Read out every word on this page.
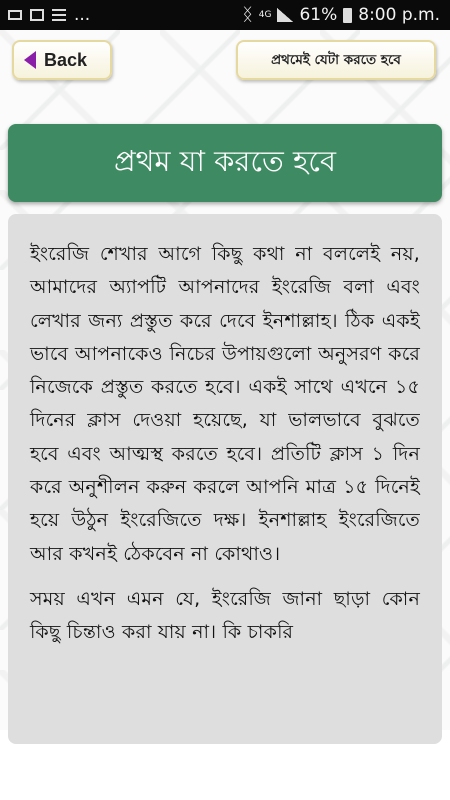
...	ᛝ 4G 61% 8:00 p.m.
Back	প্রথমেই যেটা করতে হবে
প্রথম যা করতে হবে

ইংরেজি শেখার আগে কিছু কথা না বললেই নয়, আমাদের অ্যাপটি আপনাদের ইংরেজি বলা এবং লেখার জন্য প্রস্তুত করে দেবে ইনশাল্লাহ। ঠিক একই ভাবে আপনাকেও নিচের উপায়গুলো অনুসরণ করে নিজেকে প্রস্তুত করতে হবে। একই সাথে এখনে ১৫ দিনের ক্লাস দেওয়া হয়েছে, যা ভালভাবে বুঝতে হবে এবং আত্মস্থ করতে হবে। প্রতিটি ক্লাস ১ দিন করে অনুশীলন করুন করলে আপনি মাত্র ১৫ দিনেই হয়ে উঠুন ইংরেজিতে দক্ষ। ইনশাল্লাহ ইংরেজিতে আর কখনই ঠেকবেন না কোথাও।

সময় এখন এমন যে, ইংরেজি জানা ছাড়া কোন কিছু চিন্তাও করা যায় না। কি চাকরি
